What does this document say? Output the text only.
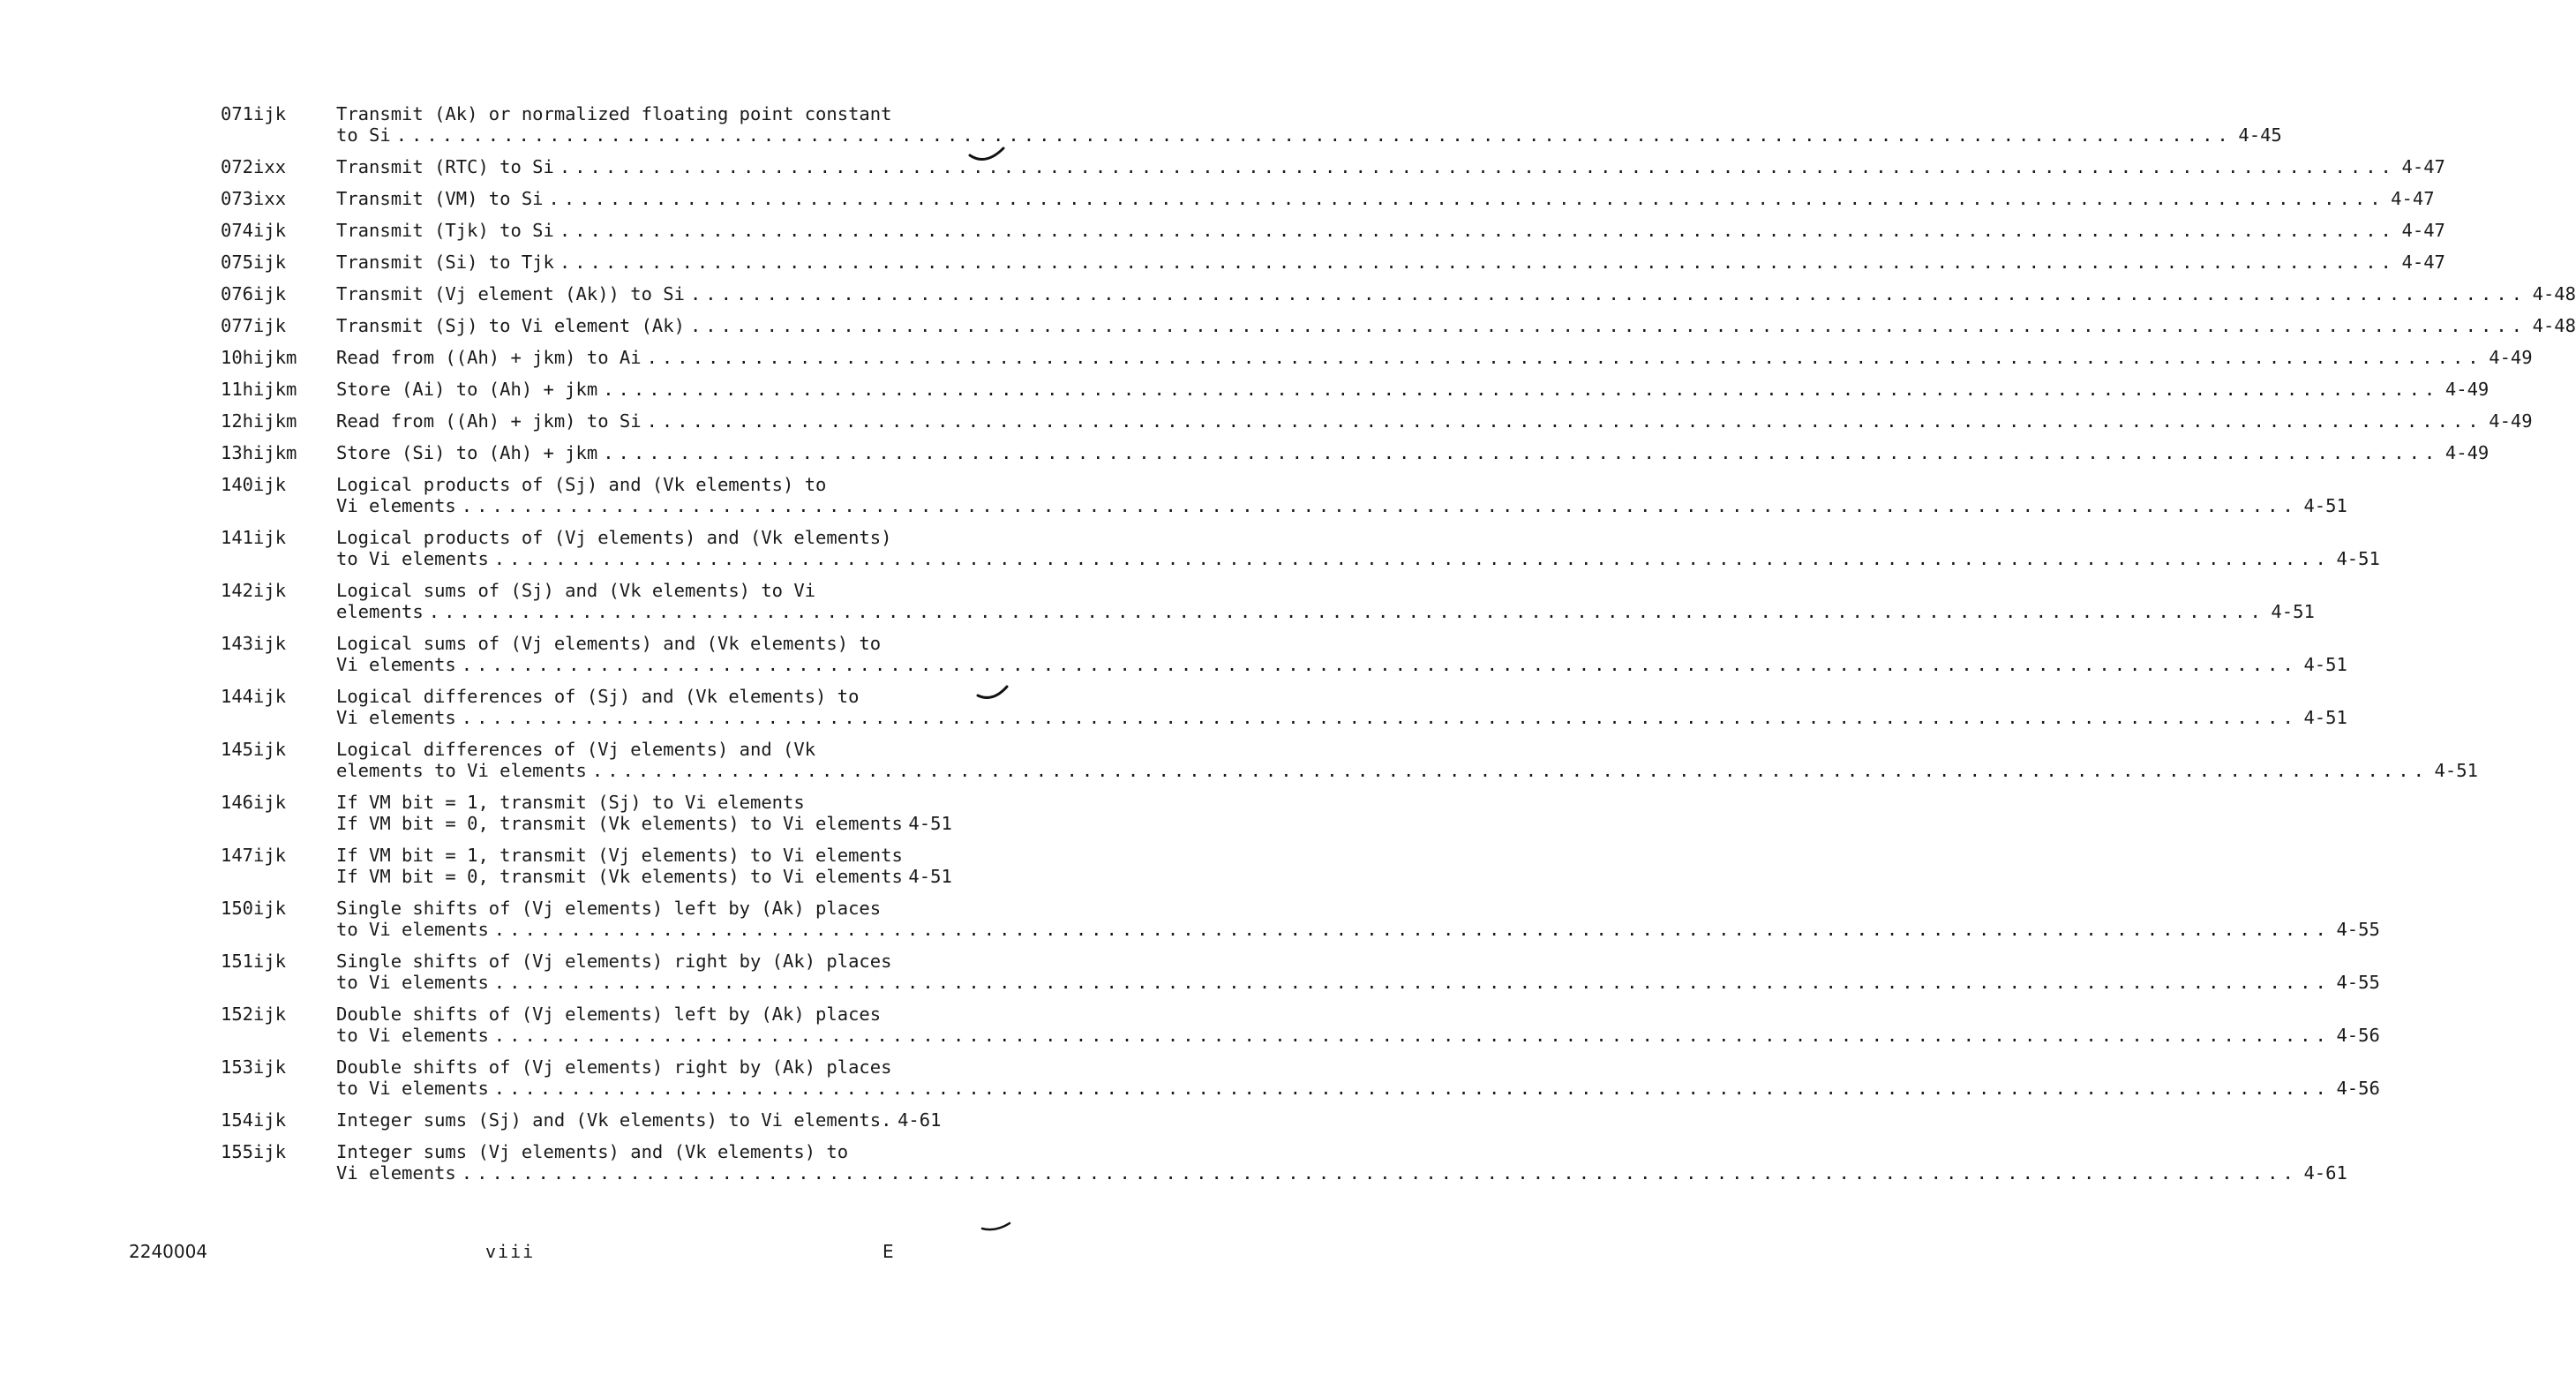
071ijk	Transmit (Ak) or normalized floating point constant
to Si ........................................................................................................................ 4-45
072ixx	Transmit (RTC) to Si ........................................................................................................................ 4-47
073ixx	Transmit (VM) to Si ........................................................................................................................ 4-47
074ijk	Transmit (Tjk) to Si ........................................................................................................................ 4-47
075ijk	Transmit (Si) to Tjk ........................................................................................................................ 4-47
076ijk	Transmit (Vj element (Ak)) to Si ........................................................................................................................ 4-48
077ijk	Transmit (Sj) to Vi element (Ak) ........................................................................................................................ 4-48
10hijkm	Read from ((Ah) + jkm) to Ai ........................................................................................................................ 4-49
11hijkm	Store (Ai) to (Ah) + jkm ........................................................................................................................ 4-49
12hijkm	Read from ((Ah) + jkm) to Si ........................................................................................................................ 4-49
13hijkm	Store (Si) to (Ah) + jkm ........................................................................................................................ 4-49
140ijk	Logical products of (Sj) and (Vk elements) to
Vi elements ........................................................................................................................ 4-51
141ijk	Logical products of (Vj elements) and (Vk elements)
to Vi elements ........................................................................................................................ 4-51
142ijk	Logical sums of (Sj) and (Vk elements) to Vi
elements ........................................................................................................................ 4-51
143ijk	Logical sums of (Vj elements) and (Vk elements) to
Vi elements ........................................................................................................................ 4-51
144ijk	Logical differences of (Sj) and (Vk elements) to
Vi elements ........................................................................................................................ 4-51
145ijk	Logical differences of (Vj elements) and (Vk
elements to Vi elements ........................................................................................................................ 4-51
146ijk	If VM bit = 1, transmit (Sj) to Vi elements
If VM bit = 0, transmit (Vk elements) to Vi elements 4-51
147ijk	If VM bit = 1, transmit (Vj elements) to Vi elements
If VM bit = 0, transmit (Vk elements) to Vi elements 4-51
150ijk	Single shifts of (Vj elements) left by (Ak) places
to Vi elements ........................................................................................................................ 4-55
151ijk	Single shifts of (Vj elements) right by (Ak) places
to Vi elements ........................................................................................................................ 4-55
152ijk	Double shifts of (Vj elements) left by (Ak) places
to Vi elements ........................................................................................................................ 4-56
153ijk	Double shifts of (Vj elements) right by (Ak) places
to Vi elements ........................................................................................................................ 4-56
154ijk	Integer sums (Sj) and (Vk elements) to Vi elements. 4-61
155ijk	Integer sums (Vj elements) and (Vk elements) to
Vi elements ........................................................................................................................ 4-61
2240004	viii	E
